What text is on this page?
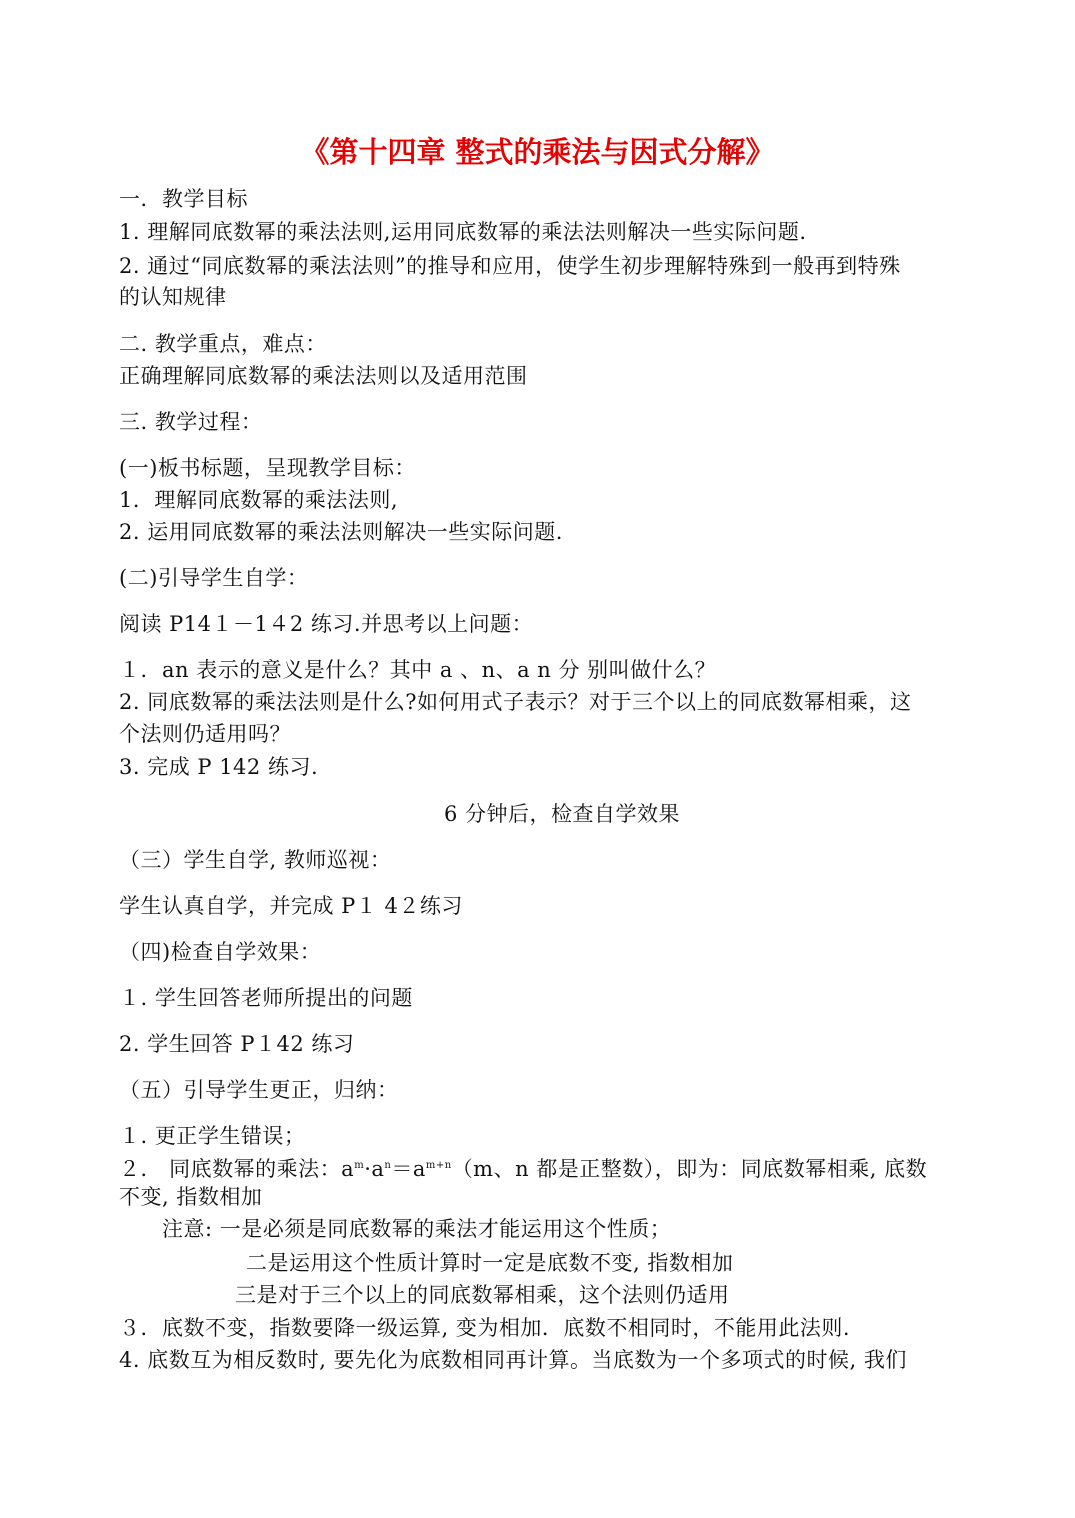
《第十四章 整式的乘法与因式分解》
一．教学目标
1. 理解同底数幂的乘法法则,运用同底数幂的乘法法则解决一些实际问题.
2. 通过“同底数幂的乘法法则”的推导和应用，使学生初步理解特殊到一般再到特殊
的认知规律
二. 教学重点，难点：
正确理解同底数幂的乘法法则以及适用范围
三. 教学过程：
(一)板书标题，呈现教学目标：
1．理解同底数幂的乘法法则,
2. 运用同底数幂的乘法法则解决一些实际问题.
(二)引导学生自学：
阅读 P14１－1４2 练习.并思考以上问题：
１．an 表示的意义是什么？其中 a 、n、a n 分 别叫做什么？
2. 同底数幂的乘法法则是什么?如何用式子表示？对于三个以上的同底数幂相乘，这
个法则仍适用吗？
3. 完成 P 142 练习.
6 分钟后，检查自学效果
（三）学生自学, 教师巡视：
学生认真自学，并完成 P１ 4２练习
（四)检查自学效果：
１. 学生回答老师所提出的问题
2. 学生回答 P１42 练习
（五）引导学生更正，归纳：
１. 更正学生错误；
２． 同底数幂的乘法：$a^m\cdot a^n=a^{m+n}(m$、n 都是正整数），即为：同底数幂相乘, 底数
不变, 指数相加
注意: 一是必须是同底数幂的乘法才能运用这个性质；
二是运用这个性质计算时一定是底数不变, 指数相加
三是对于三个以上的同底数幂相乘，这个法则仍适用
３．底数不变，指数要降一级运算, 变为相加．底数不相同时，不能用此法则.
4. 底数互为相反数时, 要先化为底数相同再计算。当底数为一个多项式的时候, 我们
